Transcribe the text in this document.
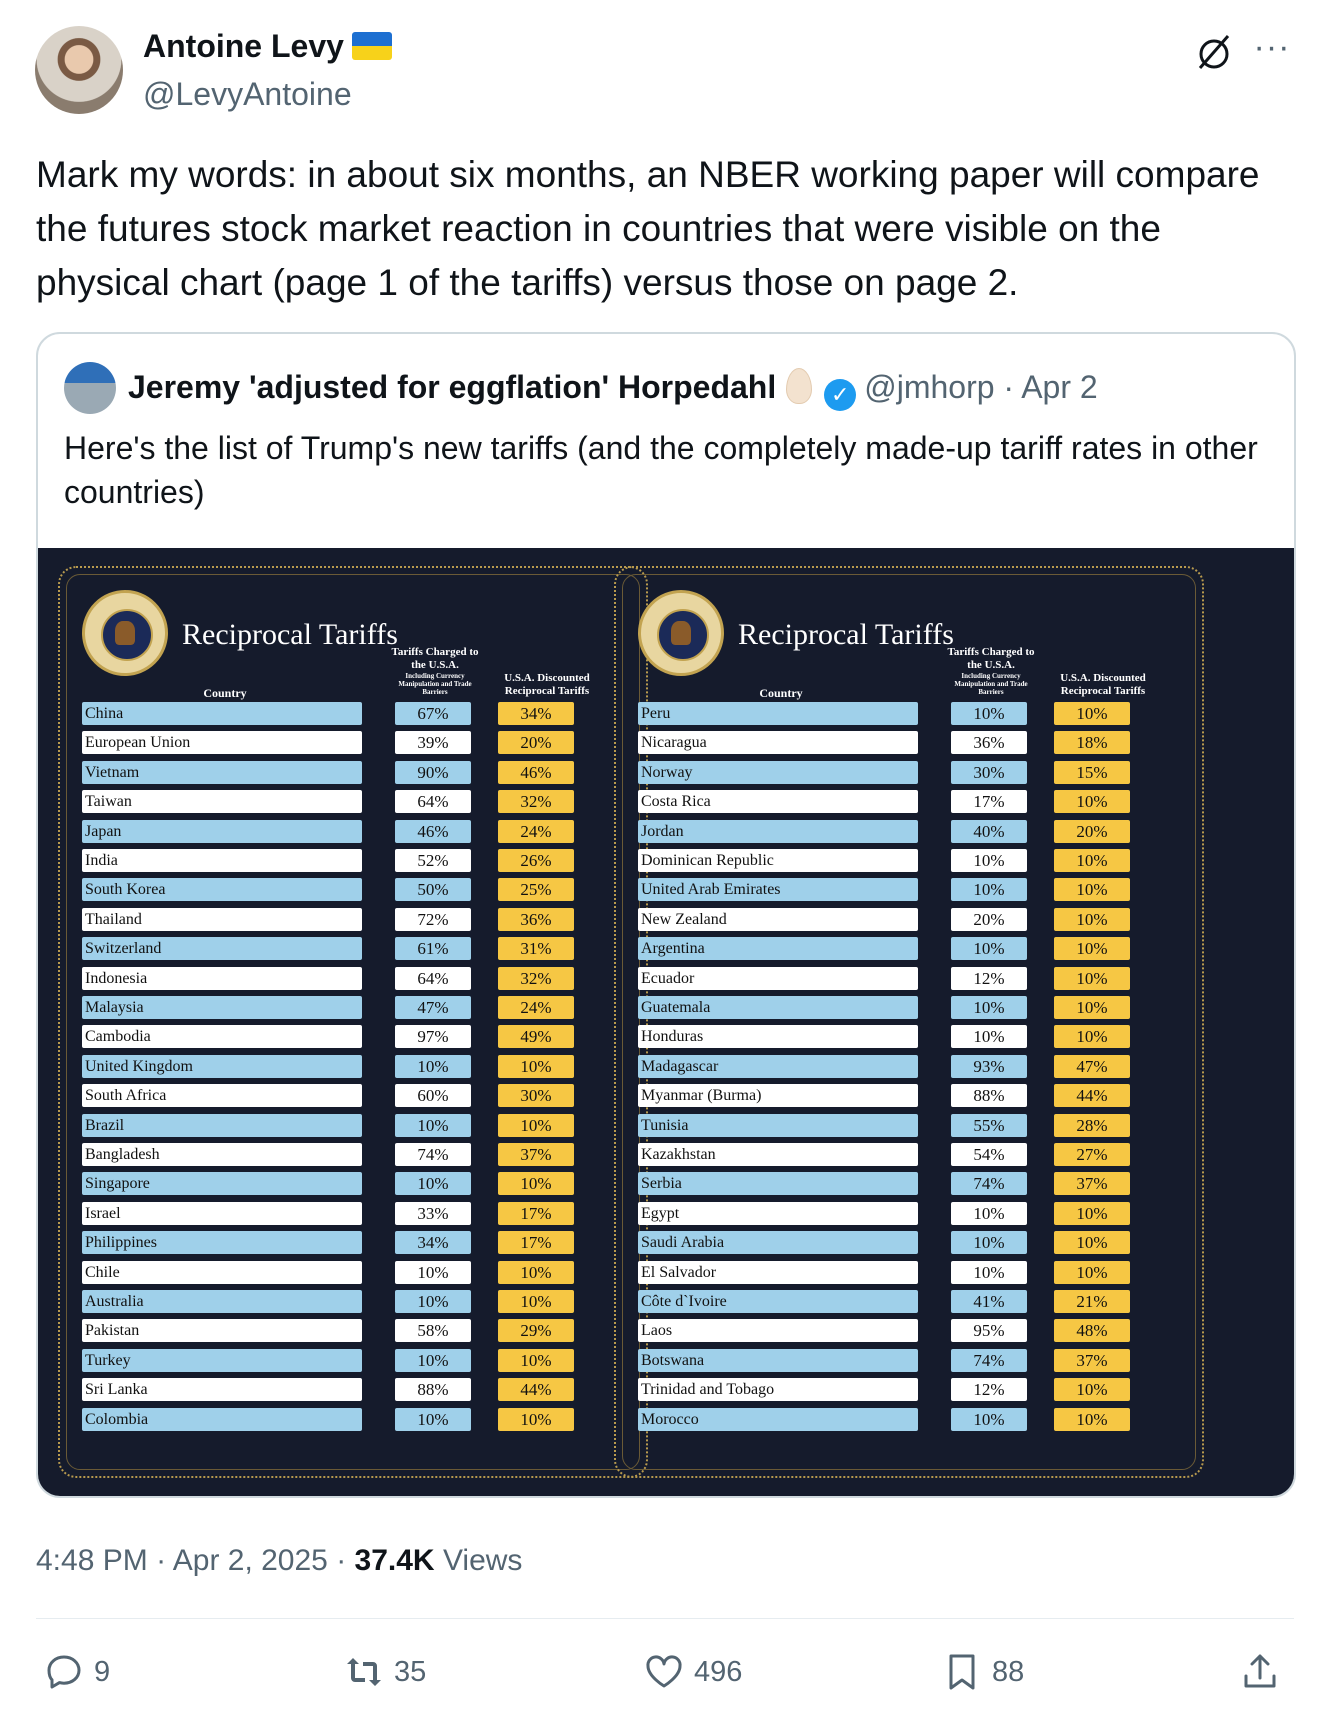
Antoine Levy
@LevyAntoine
···
Mark my words: in about six months, an NBER working paper will compare the futures stock market reaction in countries that were visible on the physical chart (page 1 of the tariffs) versus those on page 2.
Jeremy 'adjusted for eggflation' Horpedahl ✓ @jmhorp · Apr 2
Here's the list of Trump's new tariffs (and the completely made-up tariff rates in other countries)
Reciprocal Tariffs
Tariffs Charged to the U.S.A.
Including Currency Manipulation and Trade Barriers
Country
U.S.A. Discounted Reciprocal Tariffs
China	67%	34%
European Union	39%	20%
Vietnam	90%	46%
Taiwan	64%	32%
Japan	46%	24%
India	52%	26%
South Korea	50%	25%
Thailand	72%	36%
Switzerland	61%	31%
Indonesia	64%	32%
Malaysia	47%	24%
Cambodia	97%	49%
United Kingdom	10%	10%
South Africa	60%	30%
Brazil	10%	10%
Bangladesh	74%	37%
Singapore	10%	10%
Israel	33%	17%
Philippines	34%	17%
Chile	10%	10%
Australia	10%	10%
Pakistan	58%	29%
Turkey	10%	10%
Sri Lanka	88%	44%
Colombia	10%	10%
Reciprocal Tariffs
Tariffs Charged to the U.S.A.
Including Currency Manipulation and Trade Barriers
Country
U.S.A. Discounted Reciprocal Tariffs
Peru	10%	10%
Nicaragua	36%	18%
Norway	30%	15%
Costa Rica	17%	10%
Jordan	40%	20%
Dominican Republic	10%	10%
United Arab Emirates	10%	10%
New Zealand	20%	10%
Argentina	10%	10%
Ecuador	12%	10%
Guatemala	10%	10%
Honduras	10%	10%
Madagascar	93%	47%
Myanmar (Burma)	88%	44%
Tunisia	55%	28%
Kazakhstan	54%	27%
Serbia	74%	37%
Egypt	10%	10%
Saudi Arabia	10%	10%
El Salvador	10%	10%
Côte d`Ivoire	41%	21%
Laos	95%	48%
Botswana	74%	37%
Trinidad and Tobago	12%	10%
Morocco	10%	10%
4:48 PM · Apr 2, 2025 · 37.4K Views
9	35	496	88
